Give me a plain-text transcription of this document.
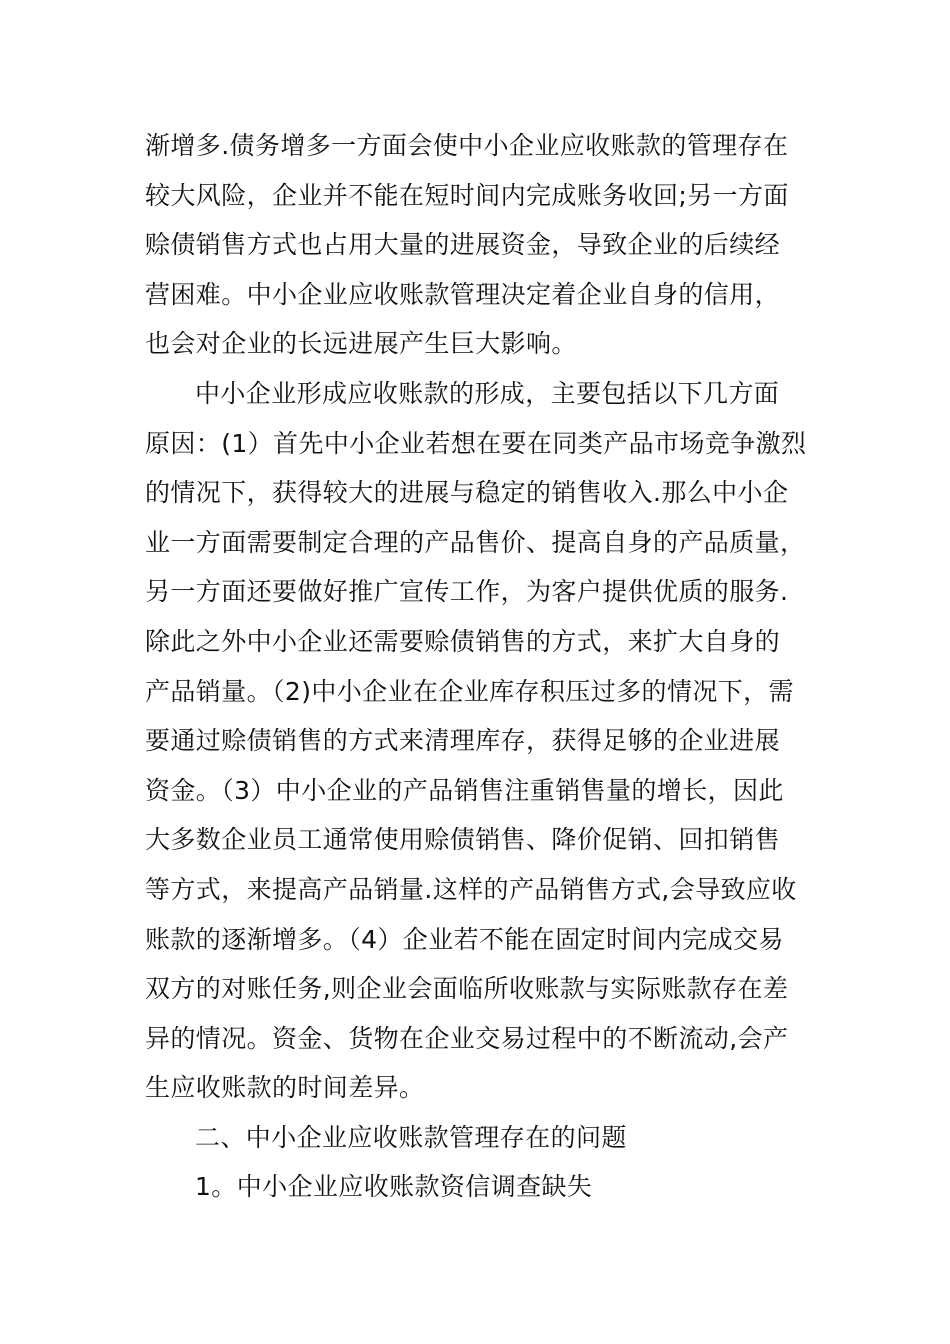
渐增多.债务增多一方面会使中小企业应收账款的管理存在
较大风险，企业并不能在短时间内完成账务收回;另一方面
赊债销售方式也占用大量的进展资金，导致企业的后续经
营困难。中小企业应收账款管理决定着企业自身的信用，
也会对企业的长远进展产生巨大影响。
中小企业形成应收账款的形成，主要包括以下几方面
原因：(1）首先中小企业若想在要在同类产品市场竞争激烈
的情况下，获得较大的进展与稳定的销售收入.那么中小企
业一方面需要制定合理的产品售价、提高自身的产品质量，
另一方面还要做好推广宣传工作，为客户提供优质的服务.
除此之外中小企业还需要赊债销售的方式，来扩大自身的
产品销量。（2)中小企业在企业库存积压过多的情况下，需
要通过赊债销售的方式来清理库存，获得足够的企业进展
资金。（3）中小企业的产品销售注重销售量的增长，因此
大多数企业员工通常使用赊债销售、降价促销、回扣销售
等方式，来提高产品销量.这样的产品销售方式,会导致应收
账款的逐渐增多。（4）企业若不能在固定时间内完成交易
双方的对账任务,则企业会面临所收账款与实际账款存在差
异的情况。资金、货物在企业交易过程中的不断流动,会产
生应收账款的时间差异。
二、中小企业应收账款管理存在的问题
1。中小企业应收账款资信调查缺失
